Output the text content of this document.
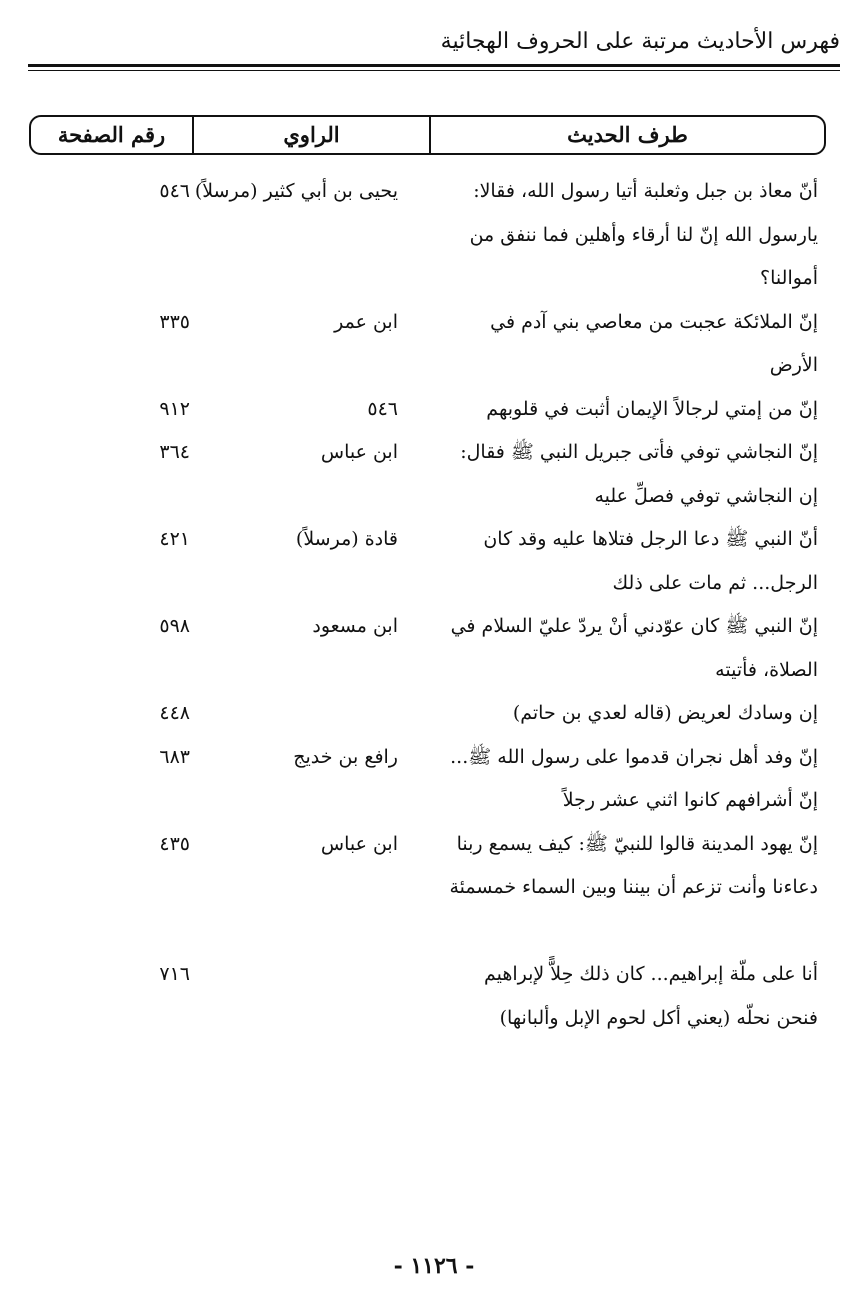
فهرس الأحاديث مرتبة على الحروف الهجائية
رقم الصفحة	الراوي	طرف الحديث
أنّ معاذ بن جبل وثعلبة أتيا رسول الله، فقالا: يارسول الله إنّ لنا أرقاء وأهلين فما ننفق من أموالنا؟
يحيى بن أبي كثير (مرسلاً)
٥٤٦
إنّ الملائكة عجبت من معاصي بني آدم في الأرض
ابن عمر
٣٣٥
إنّ من إمتي لرجالاً الإيمان أثبت في قلوبهم
٥٤٦
٩١٢
إنّ النجاشي توفي فأتى جبريل النبي ﷺ فقال: إن النجاشي توفي فصلِّ عليه
ابن عباس
٣٦٤
أنّ النبي ﷺ دعا الرجل فتلاها عليه وقد كان الرجل... ثم مات على ذلك
قادة (مرسلاً)
٤٢١
إنّ النبي ﷺ كان عوّدني أنْ يردّ عليّ السلام في الصلاة، فأتيته
ابن مسعود
٥٩٨
إن وسادك لعريض (قاله لعدي بن حاتم)
٤٤٨
إنّ وفد أهل نجران قدموا على رسول الله ﷺ... إنّ أشرافهم كانوا اثني عشر رجلاً
رافع بن خديج
٦٨٣
إنّ يهود المدينة قالوا للنبيّ ﷺ: كيف يسمع ربنا دعاءنا وأنت تزعم أن بيننا وبين السماء خمسمئة
ابن عباس
٤٣٥
أنا على ملّة إبراهيم... كان ذلك حِلاًّ لإبراهيم فنحن نحلّه (يعني أكل لحوم الإبل وألبانها)
٧١٦
- ١١٢٦ -
